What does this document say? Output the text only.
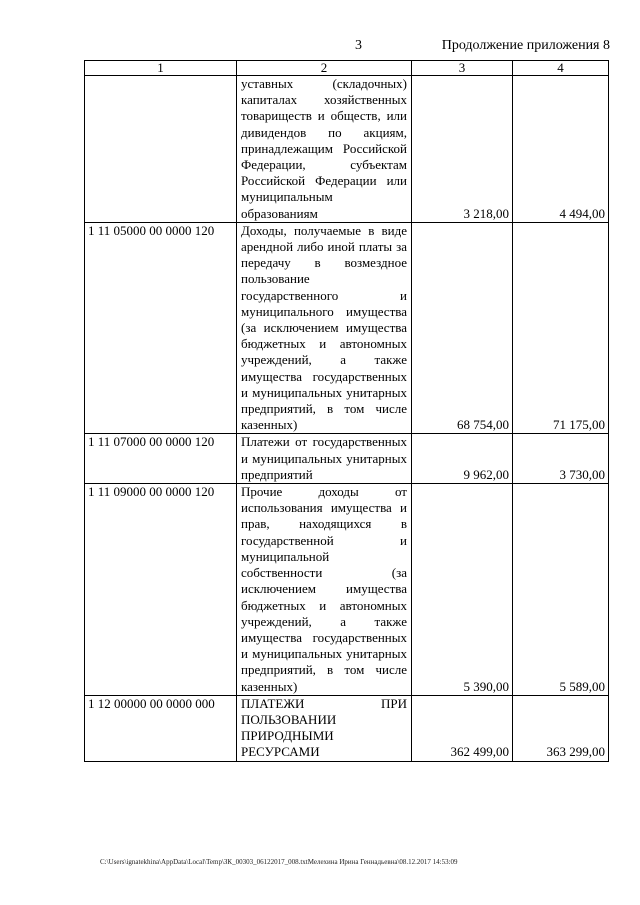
3	Продолжение приложения 8
1	2	3	4
	уставных (складочных) капиталах хозяйственных товариществ и обществ, или дивидендов по акциям, принадлежащим Российской Федерации, субъектам Российской Федерации или муниципальным образованиям	3 218,00	4 494,00
1 11 05000 00 0000 120	Доходы, получаемые в виде арендной либо иной платы за передачу в возмездное пользование государственного и муниципального имущества (за исключением имущества бюджетных и автономных учреждений, а также имущества государственных и муниципальных унитарных предприятий, в том числе казенных)	68 754,00	71 175,00
1 11 07000 00 0000 120	Платежи от государственных и муниципальных унитарных предприятий	9 962,00	3 730,00
1 11 09000 00 0000 120	Прочие доходы от использования имущества и прав, находящихся в государственной и муниципальной собственности (за исключением имущества бюджетных и автономных учреждений, а также имущества государственных и муниципальных унитарных предприятий, в том числе казенных)	5 390,00	5 589,00
1 12 00000 00 0000 000	ПЛАТЕЖИ ПРИ ПОЛЬЗОВАНИИ ПРИРОДНЫМИ РЕСУРСАМИ	362 499,00	363 299,00
C:\Users\ignatekhina\AppData\Local\Temp\ЗК_00303_06122017_008.txtМелехина Ирина Геннадьевна\08.12.2017 14:53:09
